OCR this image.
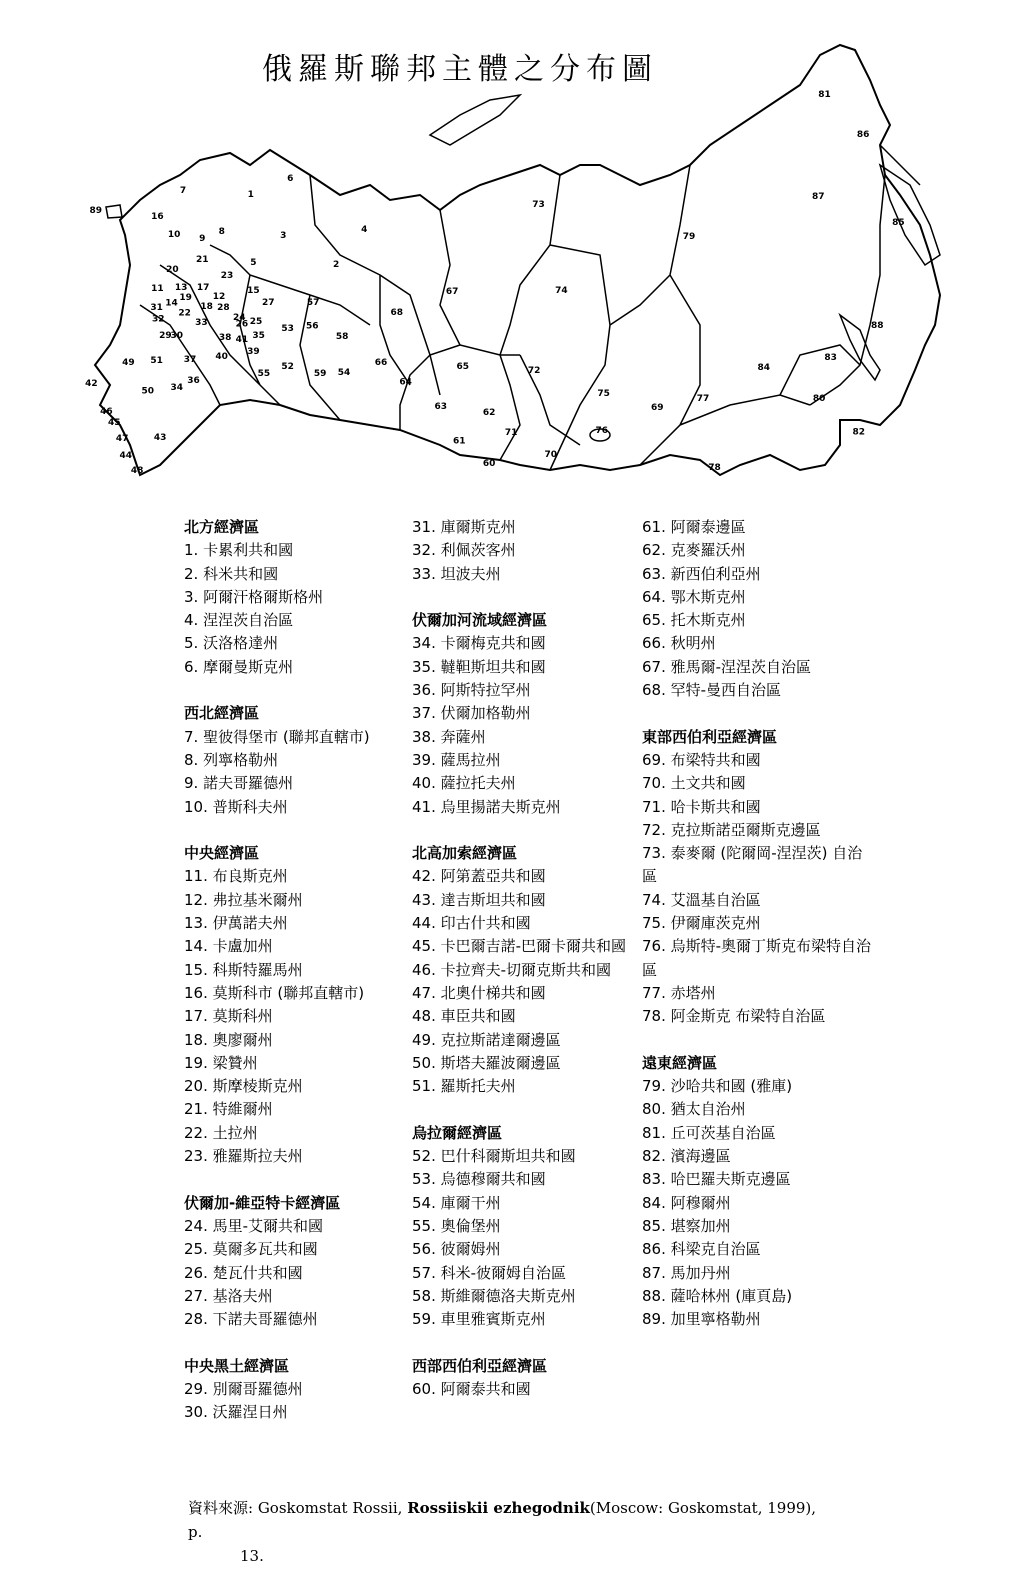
俄羅斯聯邦主體之分布圖
1
2
3
4
5
6
7
8
9
10
11
12
13
14
15
16
17
18
19
20
21
22
23
24 25
26
27
28
29
30
31
32	33
34
35
36
37
38
39
40
41
42
43
44
45
46
47
48
49
50
51
52
53
54
55
56
57
58
59
60
61
62
63
64
65
66
67
68
69
70
71
72
73
74
75
76
77
78
79
80
81
82
83
84
85
86
87
88
89
北方經濟區
1. 卡累利共和國
2. 科米共和國
3. 阿爾汗格爾斯格州
4. 涅涅茨自治區
5. 沃洛格達州
6. 摩爾曼斯克州
西北經濟區
7. 聖彼得堡市 (聯邦直轄市)
8. 列寧格勒州
9. 諾夫哥羅德州
10. 普斯科夫州
中央經濟區
11. 布良斯克州
12. 弗拉基米爾州
13. 伊萬諾夫州
14. 卡盧加州
15. 科斯特羅馬州
16. 莫斯科市 (聯邦直轄市)
17. 莫斯科州
18. 奧廖爾州
19. 梁贊州
20. 斯摩棱斯克州
21. 特維爾州
22. 土拉州
23. 雅羅斯拉夫州
伏爾加-維亞特卡經濟區
24. 馬里-艾爾共和國
25. 莫爾多瓦共和國
26. 楚瓦什共和國
27. 基洛夫州
28. 下諾夫哥羅德州
中央黑土經濟區
29. 別爾哥羅德州
30. 沃羅涅日州
31. 庫爾斯克州
32. 利佩茨客州
33. 坦波夫州
伏爾加河流域經濟區
34. 卡爾梅克共和國
35. 韃靼斯坦共和國
36. 阿斯特拉罕州
37. 伏爾加格勒州
38. 奔薩州
39. 薩馬拉州
40. 薩拉托夫州
41. 烏里揚諾夫斯克州
北高加索經濟區
42. 阿第蓋亞共和國
43. 達吉斯坦共和國
44. 印古什共和國
45. 卡巴爾吉諾-巴爾卡爾共和國
46. 卡拉齊夫-切爾克斯共和國
47. 北奧什梯共和國
48. 車臣共和國
49. 克拉斯諾達爾邊區
50. 斯塔夫羅波爾邊區
51. 羅斯托夫州
烏拉爾經濟區
52. 巴什科爾斯坦共和國
53. 烏德穆爾共和國
54. 庫爾干州
55. 奧倫堡州
56. 彼爾姆州
57. 科米-彼爾姆自治區
58. 斯維爾德洛夫斯克州
59. 車里雅賓斯克州
西部西伯利亞經濟區
60. 阿爾泰共和國
61. 阿爾泰邊區
62. 克麥羅沃州
63. 新西伯利亞州
64. 鄂木斯克州
65. 托木斯克州
66. 秋明州
67. 雅馬爾-涅涅茨自治區
68. 罕特-曼西自治區
東部西伯利亞經濟區
69. 布梁特共和國
70. 土文共和國
71. 哈卡斯共和國
72. 克拉斯諾亞爾斯克邊區
73. 泰麥爾 (陀爾岡-涅涅茨) 自治區
74. 艾溫基自治區
75. 伊爾庫茨克州
76. 烏斯特-奧爾丁斯克布梁特自治區
77. 赤塔州
78. 阿金斯克 布梁特自治區
遠東經濟區
79. 沙哈共和國 (雅庫)
80. 猶太自治州
81. 丘可茨基自治區
82. 濱海邊區
83. 哈巴羅夫斯克邊區
84. 阿穆爾州
85. 堪察加州
86. 科梁克自治區
87. 馬加丹州
88. 薩哈林州 (庫頁島)
89. 加里寧格勒州
資料來源: Goskomstat Rossii, Rossiiskii ezhegodnik(Moscow: Goskomstat, 1999), p.
13.
